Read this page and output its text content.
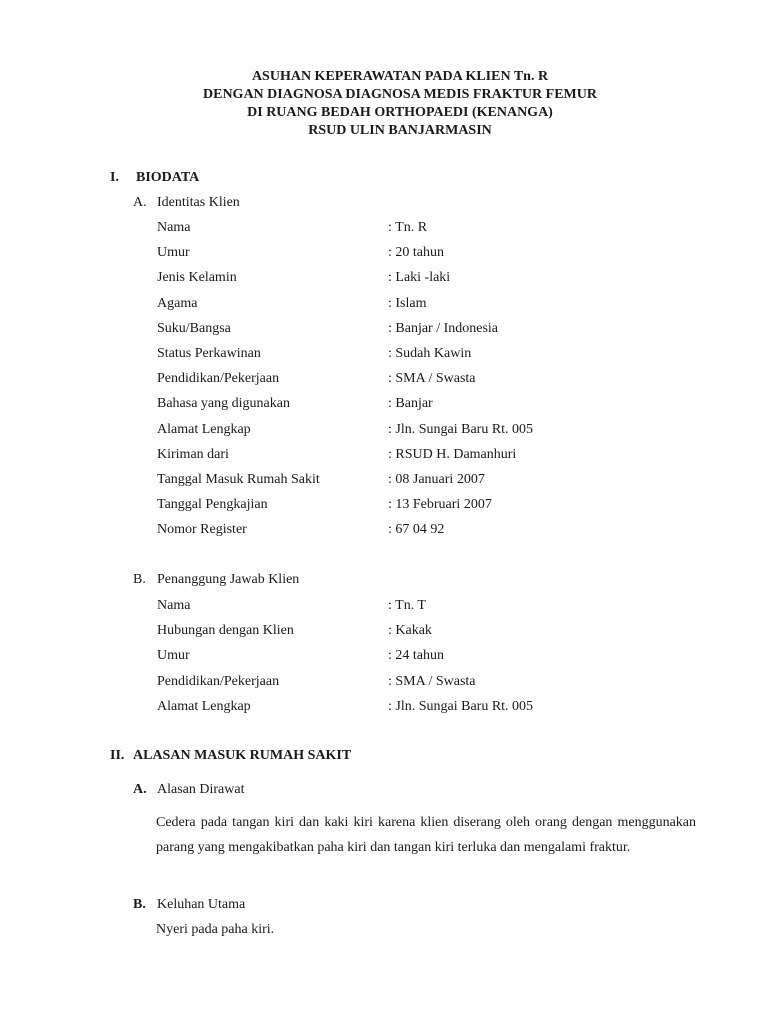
ASUHAN KEPERAWATAN PADA KLIEN Tn. R

DENGAN DIAGNOSA DIAGNOSA MEDIS FRAKTUR FEMUR

DI RUANG BEDAH ORTHOPAEDI (KENANGA)

RSUD ULIN BANJARMASIN

I. BIODATA
A. Identitas Klien
Nama	: Tn. R
Umur	: 20 tahun
Jenis Kelamin	: Laki -laki
Agama	: Islam
Suku/Bangsa	: Banjar / Indonesia
Status Perkawinan	: Sudah Kawin
Pendidikan/Pekerjaan	: SMA / Swasta
Bahasa yang digunakan	: Banjar
Alamat Lengkap	: Jln. Sungai Baru Rt. 005
Kiriman dari	: RSUD H. Damanhuri
Tanggal Masuk Rumah Sakit	: 08 Januari 2007
Tanggal Pengkajian	: 13 Februari 2007
Nomor Register	: 67 04 92
B. Penanggung Jawab Klien
Nama	: Tn. T
Hubungan dengan Klien	: Kakak
Umur	: 24 tahun
Pendidikan/Pekerjaan	: SMA / Swasta
Alamat Lengkap	: Jln. Sungai Baru Rt. 005
II. ALASAN MASUK RUMAH SAKIT
A. Alasan Dirawat
Cedera pada tangan kiri dan kaki kiri karena klien diserang oleh orang dengan menggunakan parang yang mengakibatkan paha kiri dan tangan kiri terluka dan mengalami fraktur.
B. Keluhan Utama
Nyeri pada paha kiri.
